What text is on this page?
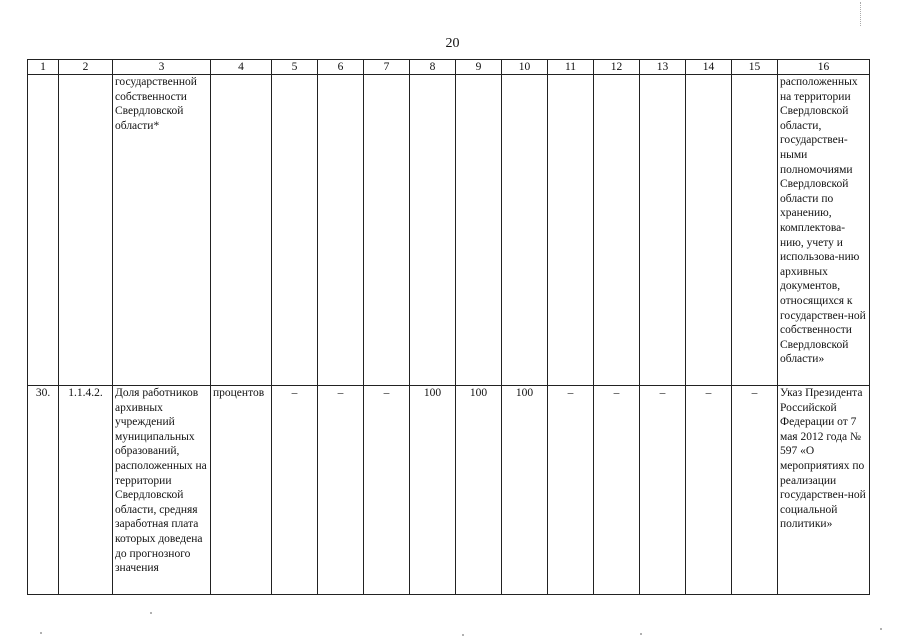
20
1	2	3	4	5	6	7	8	9	10	11	12	13	14	15	16
		государственной собственности Свердловской области*													расположенных на территории Свердловской области, государствен-ными полномочиями Свердловской области по хранению, комплектова-нию, учету и использова-нию архивных документов, относящихся к государствен-ной собственности Свердловской области»
30.	1.1.4.2.	Доля работников архивных учреждений муниципальных образований, расположенных на территории Свердловской области, средняя заработная плата которых доведена до прогнозного значения	процентов	–	–	–	100	100	100	–	–	–	–	–	Указ Президента Российской Федерации от 7 мая 2012 года № 597 «О мероприятиях по реализации государствен-ной социальной политики»
